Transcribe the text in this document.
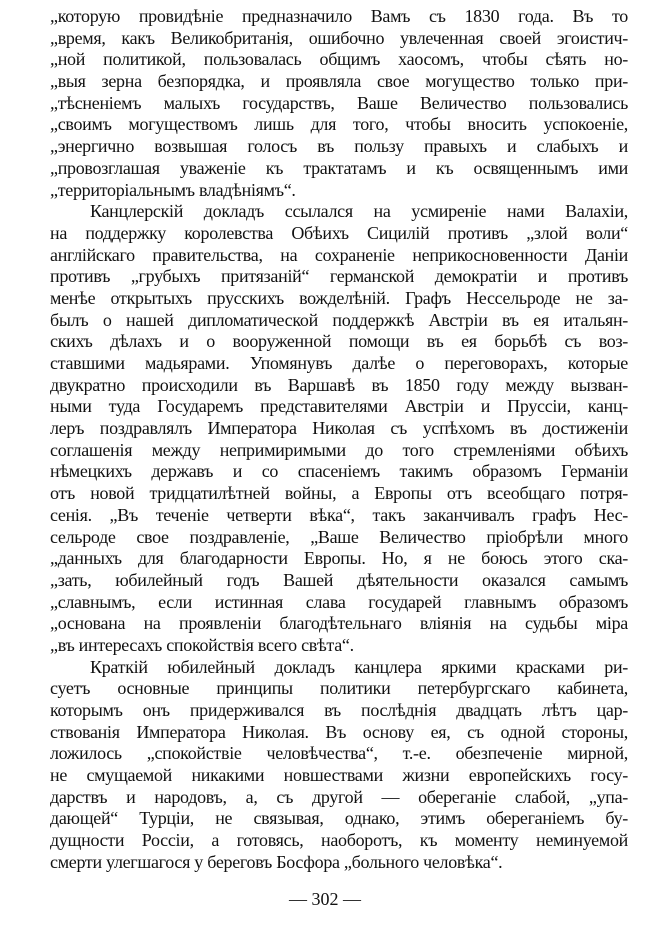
„которую провидѣніе предназначило Вамъ съ 1830 года. Въ то
„время, какъ Великобританія, ошибочно увлеченная своей эгоистич-
„ной политикой, пользовалась общимъ хаосомъ, чтобы сѣять но-
„выя зерна безпорядка, и проявляла свое могущество только при-
„тѣсненіемъ малыхъ государствъ, Ваше Величество пользовались
„своимъ могуществомъ лишь для того, чтобы вносить успокоеніе,
„энергично возвышая голосъ въ пользу правыхъ и слабыхъ и
„провозглашая уваженіе къ трактатамъ и къ освященнымъ ими
„территоріальнымъ владѣніямъ“.
Канцлерскій докладъ ссылался на усмиреніе нами Валахіи,
на поддержку королевства Обѣихъ Сицилій противъ „злой воли“
англійскаго правительства, на сохраненіе неприкосновенности Даніи
противъ „грубыхъ притязаній“ германской демократіи и противъ
менѣе открытыхъ прусскихъ вожделѣній. Графъ Нессельроде не за-
былъ о нашей дипломатической поддержкѣ Австріи въ ея итальян-
скихъ дѣлахъ и о вооруженной помощи въ ея борьбѣ съ воз-
ставшими мадьярами. Упомянувъ далѣе о переговорахъ, которые
двукратно происходили въ Варшавѣ въ 1850 году между вызван-
ными туда Государемъ представителями Австріи и Пруссіи, канц-
леръ поздравлялъ Императора Николая съ успѣхомъ въ достиженіи
соглашенія между непримиримыми до того стремленіями обѣихъ
нѣмецкихъ державъ и со спасеніемъ такимъ образомъ Германіи
отъ новой тридцатилѣтней войны, а Европы отъ всеобщаго потря-
сенія. „Въ теченіе четверти вѣка“, такъ заканчивалъ графъ Нес-
сельроде свое поздравленіе, „Ваше Величество пріобрѣли много
„данныхъ для благодарности Европы. Но, я не боюсь этого ска-
„зать, юбилейный годъ Вашей дѣятельности оказался самымъ
„славнымъ, если истинная слава государей главнымъ образомъ
„основана на проявленіи благодѣтельнаго вліянія на судьбы міра
„въ интересахъ спокойствія всего свѣта“.
Краткій юбилейный докладъ канцлера яркими красками ри-
суетъ основные принципы политики петербургскаго кабинета,
которымъ онъ придерживался въ послѣднія двадцать лѣтъ цар-
ствованія Императора Николая. Въ основу ея, съ одной стороны,
ложилось „спокойствіе человѣчества“, т.-е. обезпеченіе мирной,
не смущаемой никакими новшествами жизни европейскихъ госу-
дарствъ и народовъ, а, съ другой — обереганіе слабой, „упа-
дающей“ Турціи, не связывая, однако, этимъ обереганіемъ бу-
дущности Россіи, а готовясь, наоборотъ, къ моменту неминуемой
смерти улегшагося у береговъ Босфора „больного человѣка“.
— 302 —
